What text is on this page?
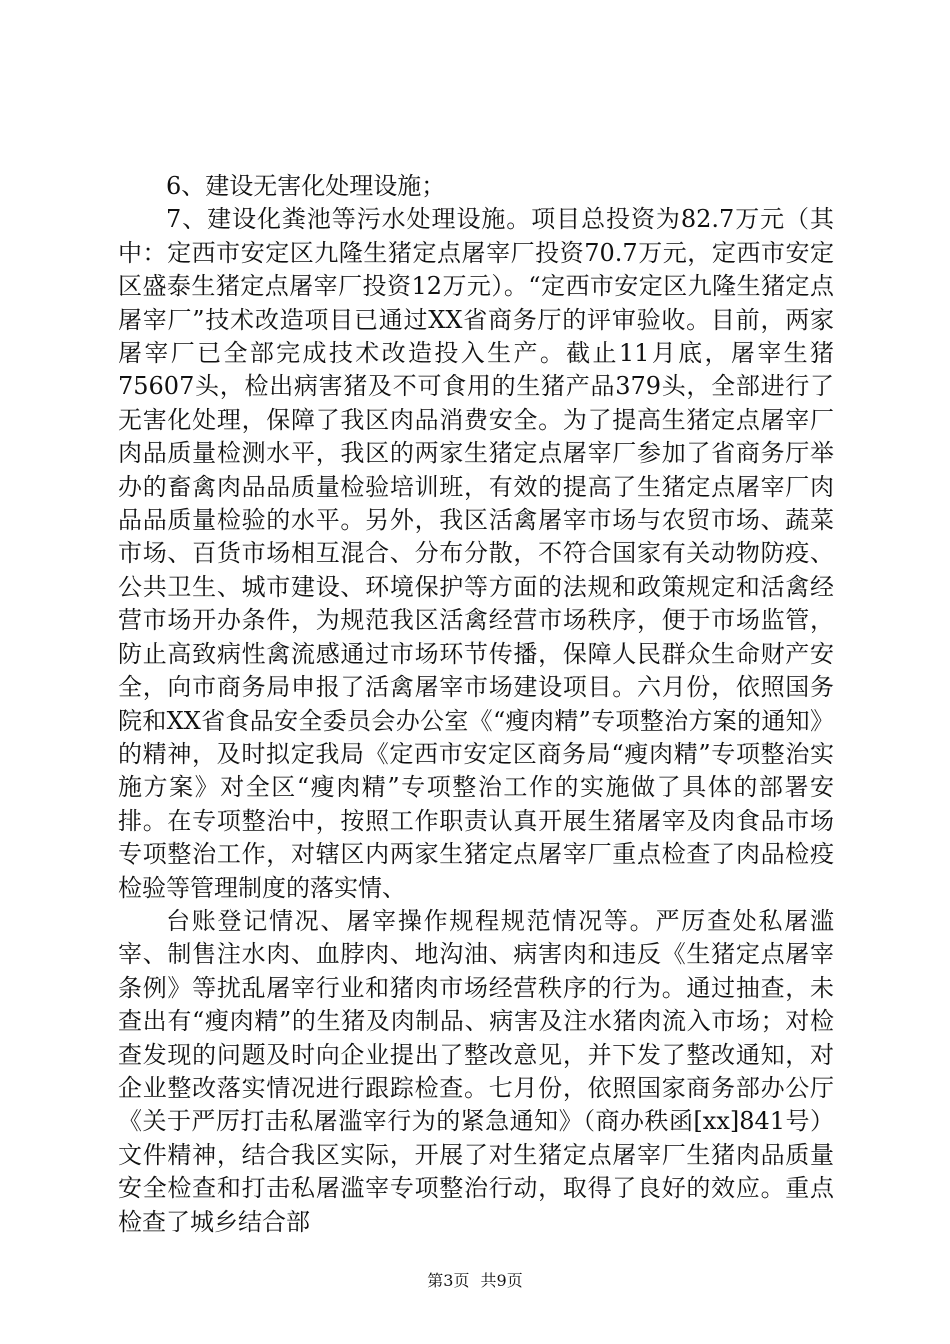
6、建设无害化处理设施；

7、建设化粪池等污水处理设施。项目总投资为82.7万元（其中：定西市安定区九隆生猪定点屠宰厂投资70.7万元，定西市安定区盛泰生猪定点屠宰厂投资12万元）。“定西市安定区九隆生猪定点屠宰厂”技术改造项目已通过XX省商务厅的评审验收。目前，两家屠宰厂已全部完成技术改造投入生产。截止11月底，屠宰生猪75607头，检出病害猪及不可食用的生猪产品379头，全部进行了无害化处理，保障了我区肉品消费安全。为了提高生猪定点屠宰厂肉品质量检测水平，我区的两家生猪定点屠宰厂参加了省商务厅举办的畜禽肉品品质量检验培训班，有效的提高了生猪定点屠宰厂肉品品质量检验的水平。另外，我区活禽屠宰市场与农贸市场、蔬菜市场、百货市场相互混合、分布分散，不符合国家有关动物防疫、公共卫生、城市建设、环境保护等方面的法规和政策规定和活禽经营市场开办条件，为规范我区活禽经营市场秩序，便于市场监管，防止高致病性禽流感通过市场环节传播，保障人民群众生命财产安全，向市商务局申报了活禽屠宰市场建设项目。六月份，依照国务院和XX省食品安全委员会办公室《“瘦肉精”专项整治方案的通知》的精神，及时拟定我局《定西市安定区商务局“瘦肉精”专项整治实施方案》对全区“瘦肉精”专项整治工作的实施做了具体的部署安排。在专项整治中，按照工作职责认真开展生猪屠宰及肉食品市场专项整治工作，对辖区内两家生猪定点屠宰厂重点检查了肉品检疫检验等管理制度的落实情、

台账登记情况、屠宰操作规程规范情况等。严厉查处私屠滥宰、制售注水肉、血脖肉、地沟油、病害肉和违反《生猪定点屠宰条例》等扰乱屠宰行业和猪肉市场经营秩序的行为。通过抽查，未查出有“瘦肉精”的生猪及肉制品、病害及注水猪肉流入市场；对检查发现的问题及时向企业提出了整改意见，并下发了整改通知，对企业整改落实情况进行跟踪检查。七月份，依照国家商务部办公厅《关于严厉打击私屠滥宰行为的紧急通知》（商办秩函[xx]841号）文件精神，结合我区实际，开展了对生猪定点屠宰厂生猪肉品质量安全检查和打击私屠滥宰专项整治行动，取得了良好的效应。重点检查了城乡结合部

第3页 共9页
